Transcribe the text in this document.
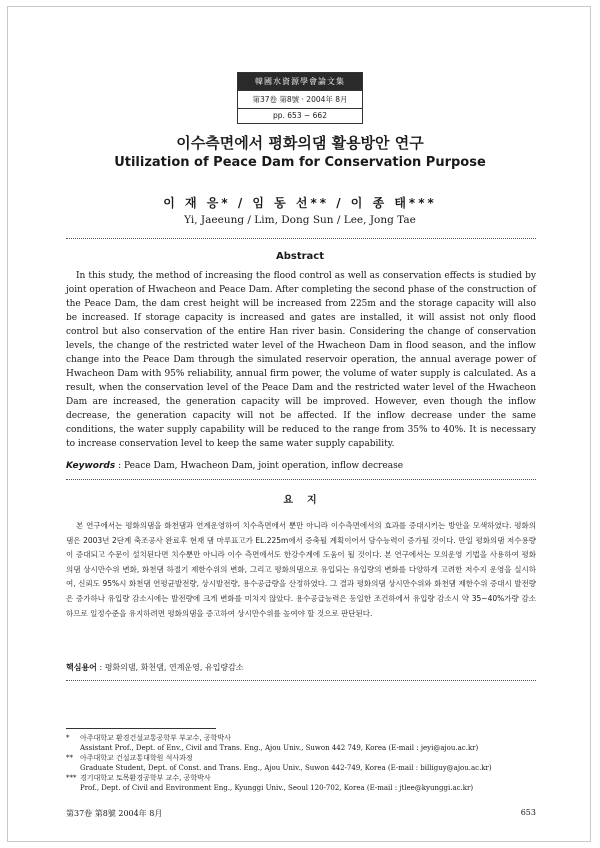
韓國水資源學會論文集
第37卷 第8號 · 2004年 8月
pp. 653 ~ 662
이수측면에서 평화의댐 활용방안 연구
Utilization of Peace Dam for Conservation Purpose
이 재 응* / 임 동 선** / 이 종 태***
Yi, Jaeeung / Lim, Dong Sun / Lee, Jong Tae
Abstract

In this study, the method of increasing the flood control as well as conservation effects is studied by joint operation of Hwacheon and Peace Dam. After completing the second phase of the construction of the Peace Dam, the dam crest height will be increased from 225m and the storage capacity will also be increased. If storage capacity is increased and gates are installed, it will assist not only flood control but also conservation of the entire Han river basin. Considering the change of conservation levels, the change of the restricted water level of the Hwacheon Dam in flood season, and the inflow change into the Peace Dam through the simulated reservoir operation, the annual average power of Hwacheon Dam with 95% reliability, annual firm power, the volume of water supply is calculated. As a result, when the conservation level of the Peace Dam and the restricted water level of the Hwacheon Dam are increased, the generation capacity will be improved. However, even though the inflow decrease, the generation capacity will not be affected. If the inflow decrease under the same conditions, the water supply capability will be reduced to the range from 35% to 40%. It is necessary to increase conservation level to keep the same water supply capability.

Keywords : Peace Dam, Hwacheon Dam, joint operation, inflow decrease

요    지

본 연구에서는 평화의댐을 화천댐과 연계운영하여 치수측면에서 뿐만 아니라 이수측면에서의 효과를 증대시키는 방안을 모색하였다. 평화의댐은 2003년 2단계 축조공사 완료후 현재 댐 마루표고가 EL.225m에서 증축될 계획이어서 담수능력이 증가될 것이다. 만일 평화의댐 저수용량이 증대되고 수문이 설치된다면 치수뿐만 아니라 이수 측면에서도 한강수계에 도움이 될 것이다. 본 연구에서는 모의운영 기법을 사용하여 평화의댐 상시만수위 변화, 화천댐 하절기 제한수위의 변화, 그리고 평화의댐으로 유입되는 유입량의 변화를 다양하게 고려한 저수지 운영을 실시하여, 신뢰도 95%시 화천댐 연평균발전량, 상시발전량, 용수공급량을 산정하였다. 그 결과 평화의댐 상시만수위와 화천댐 제한수위 증대시 발전량은 증가하나 유입량 감소시에는 발전량에 크게 변화를 미치지 않았다. 용수공급능력은 동일한 조건하에서 유입량 감소시 약 35~40%가량 감소하므로 일정수준을 유지하려면 평화의댐을 증고하여 상시만수위를 높여야 할 것으로 판단된다.

핵심용어 : 평화의댐, 화천댐, 연계운영, 유입량감소
* 아주대학교 환경건설교통공학부 부교수, 공학박사
Assistant Prof., Dept. of Env., Civil and Trans. Eng., Ajou Univ., Suwon 442 749, Korea (E-mail : jeyi@ajou.ac.kr)
** 아주대학교 건설교통대학원 석사과정
Graduate Student, Dept. of Const. and Trans. Eng., Ajou Univ., Suwon 442-749, Korea (E-mail : billiguy@ajou.ac.kr)
*** 경기대학교 토목환경공학부 교수, 공학박사
Prof., Dept. of Civil and Environment Eng., Kyunggi Univ., Seoul 120-702, Korea (E-mail : jtlee@kyunggi.ac.kr)
第37卷 第8號 2004年 8月	653
